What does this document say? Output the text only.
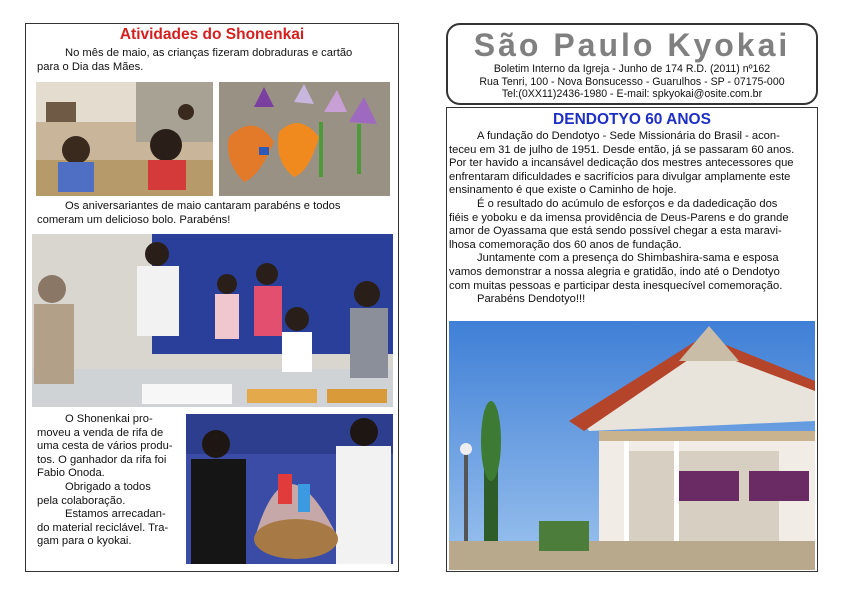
Atividades do Shonenkai

No mês de maio, as crianças fizeram dobraduras e cartão

para o Dia das Mães.

Os aniversariantes de maio cantaram parabéns e todos

comeram um delicioso bolo. Parabéns!

O Shonenkai pro-

moveu a venda de rifa de

uma cesta de vários produ-

tos. O ganhador da rifa foi

Fabio Onoda.

Obrigado a todos

pela colaboração.

Estamos arrecadan-

do material reciclável. Tra-

gam para o kyokai.

São Paulo Kyokai
Boletim Interno da Igreja - Junho de 174 R.D. (2011) nº162
Rua Tenri, 100 - Nova Bonsucesso - Guarulhos - SP - 07175-000
Tel:(0XX11)2436-1980 - E-mail: spkyokai@osite.com.br
DENDOTYO 60 ANOS

A fundação do Dendotyo - Sede Missionária do Brasil - acon-

teceu em 31 de julho de 1951. Desde então, já se passaram 60 anos.

Por ter havido a incansável dedicação dos mestres antecessores que

enfrentaram dificuldades e sacrifícios para divulgar amplamente este

ensinamento é que existe o Caminho de hoje.

É o resultado do acúmulo de esforços e da dadedicação dos

fiéis e yoboku e da imensa providência de Deus-Parens e do grande

amor de Oyassama que está sendo possível chegar a esta maravi-

lhosa comemoração dos 60 anos de fundação.

Juntamente com a presença do Shimbashira-sama e esposa

vamos demonstrar a nossa alegria e gratidão, indo até o Dendotyo

com muitas pessoas e participar desta inesquecível comemoração.

Parabéns Dendotyo!!!
